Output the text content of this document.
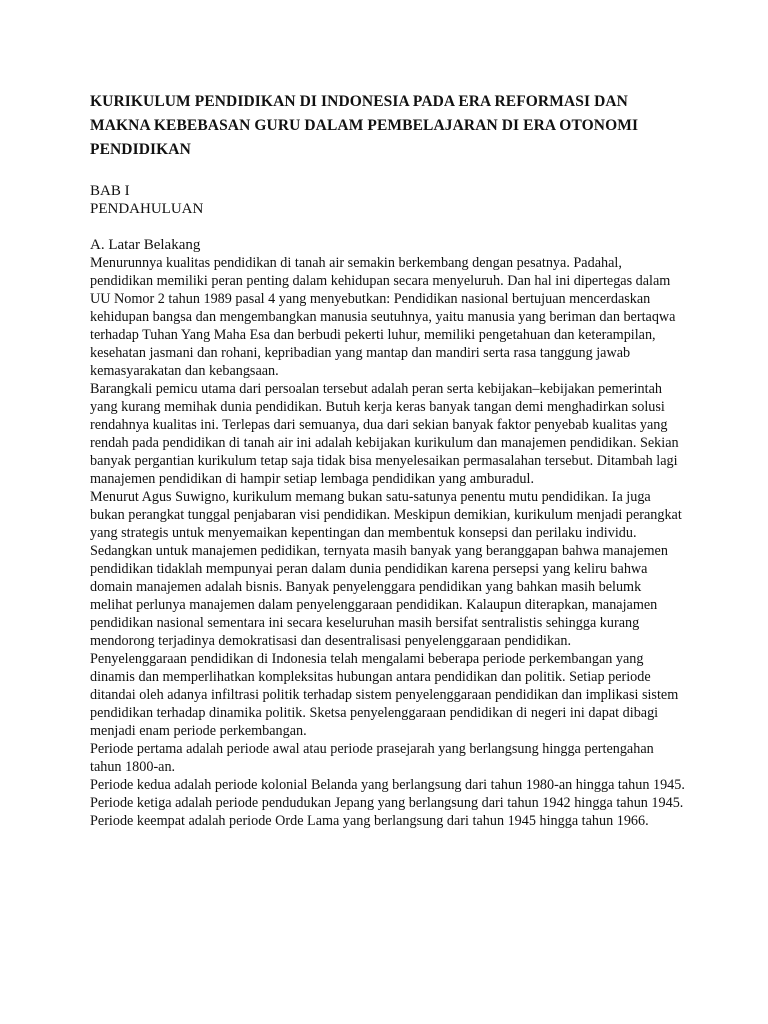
KURIKULUM PENDIDIKAN DI INDONESIA PADA ERA REFORMASI DAN MAKNA KEBEBASAN GURU DALAM PEMBELAJARAN DI ERA OTONOMI PENDIDIKAN
BAB I
PENDAHULUAN
A. Latar Belakang

Menurunnya kualitas pendidikan di tanah air semakin berkembang dengan pesatnya. Padahal, pendidikan memiliki peran penting dalam kehidupan secara menyeluruh. Dan hal ini dipertegas dalam UU Nomor 2 tahun 1989 pasal 4 yang menyebutkan: Pendidikan nasional bertujuan mencerdaskan kehidupan bangsa dan mengembangkan manusia seutuhnya, yaitu manusia yang beriman dan bertaqwa terhadap Tuhan Yang Maha Esa dan berbudi pekerti luhur, memiliki pengetahuan dan keterampilan, kesehatan jasmani dan rohani, kepribadian yang mantap dan mandiri serta rasa tanggung jawab kemasyarakatan dan kebangsaan.

Barangkali pemicu utama dari persoalan tersebut adalah peran serta kebijakan–kebijakan pemerintah yang kurang memihak dunia pendidikan. Butuh kerja keras banyak tangan demi menghadirkan solusi rendahnya kualitas ini. Terlepas dari semuanya, dua dari sekian banyak faktor penyebab kualitas yang rendah pada pendidikan di tanah air ini adalah kebijakan kurikulum dan manajemen pendidikan. Sekian banyak pergantian kurikulum tetap saja tidak bisa menyelesaikan permasalahan tersebut. Ditambah lagi manajemen pendidikan di hampir setiap lembaga pendidikan yang amburadul.

Menurut Agus Suwigno, kurikulum memang bukan satu-satunya penentu mutu pendidikan. Ia juga bukan perangkat tunggal penjabaran visi pendidikan. Meskipun demikian, kurikulum menjadi perangkat yang strategis untuk menyemaikan kepentingan dan membentuk konsepsi dan perilaku individu.

Sedangkan untuk manajemen pedidikan, ternyata masih banyak yang beranggapan bahwa manajemen pendidikan tidaklah mempunyai peran dalam dunia pendidikan karena persepsi yang keliru bahwa domain manajemen adalah bisnis. Banyak penyelenggara pendidikan yang bahkan masih belumk melihat perlunya manajemen dalam penyelenggaraan pendidikan. Kalaupun diterapkan, manajamen pendidikan nasional sementara ini secara keseluruhan masih bersifat sentralistis sehingga kurang mendorong terjadinya demokratisasi dan desentralisasi penyelenggaraan pendidikan.

Penyelenggaraan pendidikan di Indonesia telah mengalami beberapa periode perkembangan yang dinamis dan memperlihatkan kompleksitas hubungan antara pendidikan dan politik. Setiap periode ditandai oleh adanya infiltrasi politik terhadap sistem penyelenggaraan pendidikan dan implikasi sistem pendidikan terhadap dinamika politik. Sketsa penyelenggaraan pendidikan di negeri ini dapat dibagi menjadi enam periode perkembangan.

Periode pertama adalah periode awal atau periode prasejarah yang berlangsung hingga pertengahan tahun 1800-an.

Periode kedua adalah periode kolonial Belanda yang berlangsung dari tahun 1980-an hingga tahun 1945.

Periode ketiga adalah periode pendudukan Jepang yang berlangsung dari tahun 1942 hingga tahun 1945.

Periode keempat adalah periode Orde Lama yang berlangsung dari tahun 1945 hingga tahun 1966.
